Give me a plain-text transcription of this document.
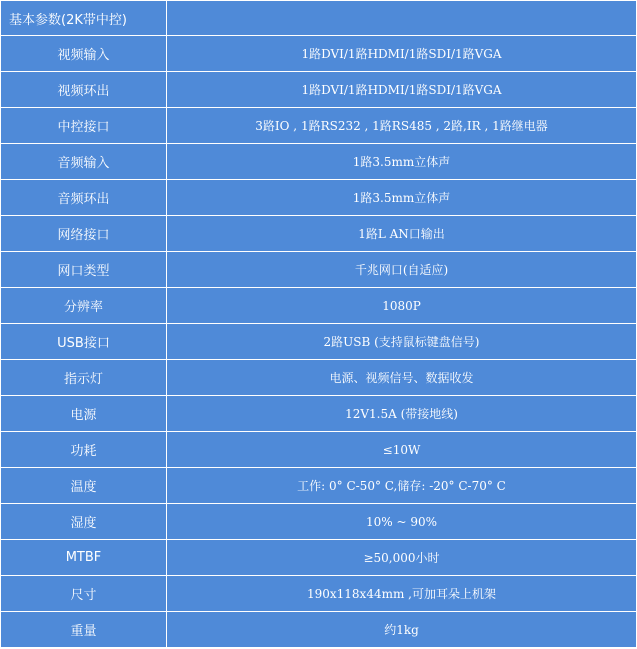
基本参数(2K带中控)	
视频输入	1路DVI/1路HDMI/1路SDI/1路VGA
视频环出	1路DVI/1路HDMI/1路SDI/1路VGA
中控接口	3路IO , 1路RS232 , 1路RS485 , 2路,IR , 1路继电器
音频输入	1路3.5mm立体声
音频环出	1路3.5mm立体声
网络接口	1路L AN口输出
网口类型	千兆网口(自适应)
分辨率	1080P
USB接口	2路USB (支持鼠标键盘信号)
指示灯	电源、视频信号、数据收发
电源	12V1.5A (带接地线)
功耗	≤10W
温度	工作: 0° C-50° C,储存: -20° C-70° C
湿度	10% ~ 90%
MTBF	≥50,000小时
尺寸	190x118x44mm ,可加耳朵上机架
重量	约1kg
